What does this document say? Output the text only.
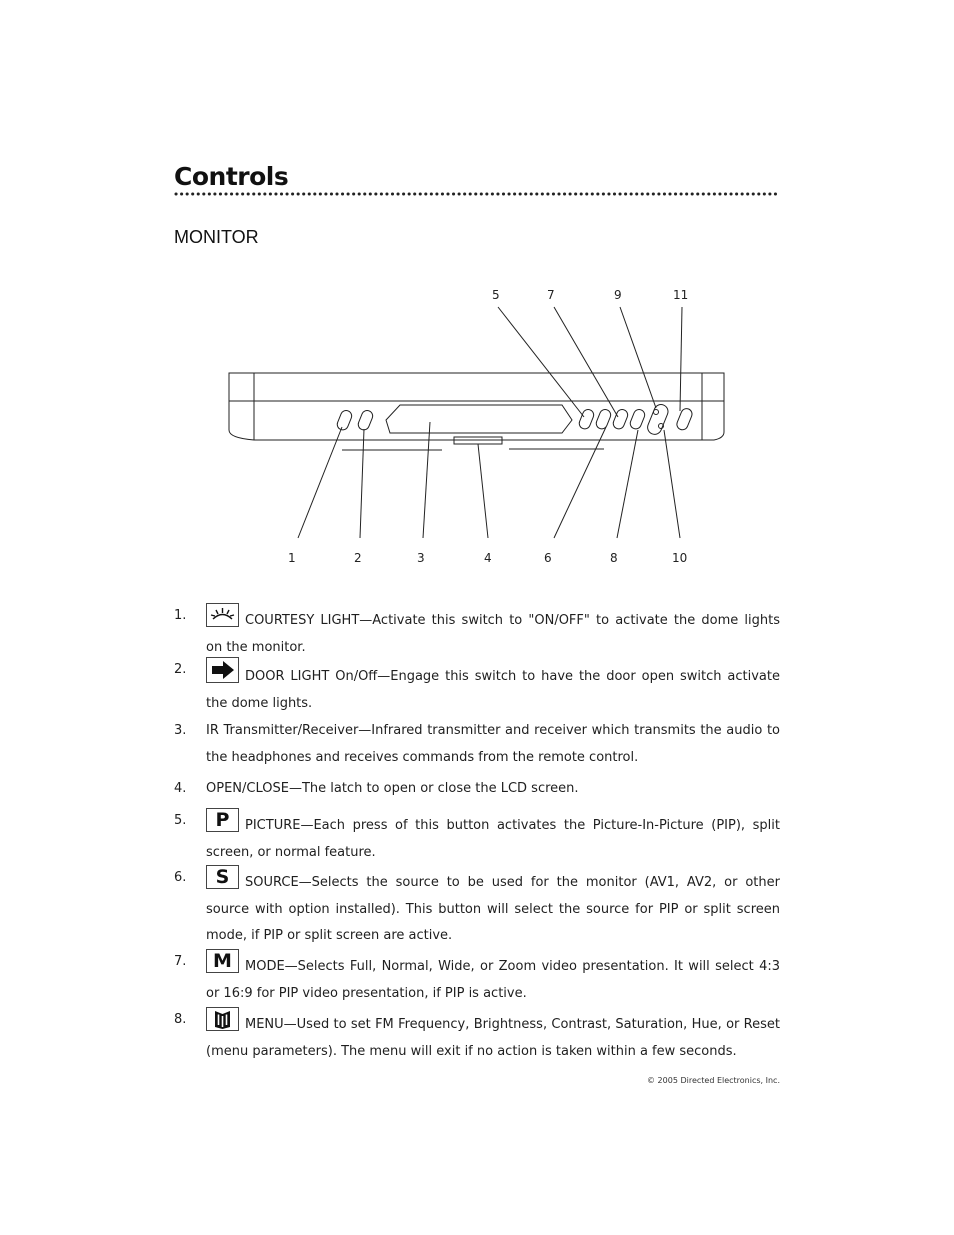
Controls
MONITOR
5	7	9	11
1	2	3	4	6	8	10
1.	COURTESY LIGHT—Activate this switch to "ON/OFF" to activate the dome lights on the monitor.
2.	DOOR LIGHT On/Off—Engage this switch to have the door open switch activate the dome lights.
3. IR Transmitter/Receiver—Infrared transmitter and receiver which transmits the audio to the headphones and receives commands from the remote control.
4. OPEN/CLOSE—The latch to open or close the LCD screen.
5.	P	PICTURE—Each press of this button activates the Picture-In-Picture (PIP), split screen, or normal feature.
6.	S	SOURCE—Selects the source to be used for the monitor (AV1, AV2, or other source with option installed). This button will select the source for PIP or split screen mode, if PIP or split screen are active.
7.	M	MODE—Selects Full, Normal, Wide, or Zoom video presentation. It will select 4:3 or 16:9 for PIP video presentation, if PIP is active.
8.	MENU—Used to set FM Frequency, Brightness, Contrast, Saturation, Hue, or Reset (menu parameters). The menu will exit if no action is taken within a few seconds.
© 2005 Directed Electronics, Inc.
